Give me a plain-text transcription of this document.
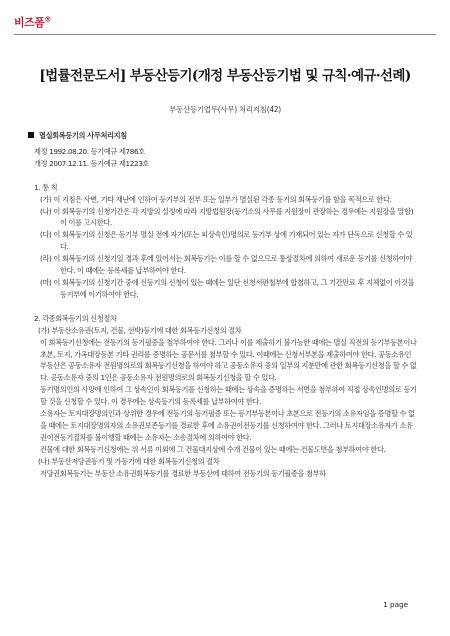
비즈폼®
[법률전문도서] 부동산등기(개정 부동산등기법 및 규칙·예규·선례)
부동산등기업무(사무) 처리지침(42)

멸실회복등기의 사무처리지침

제정 1992.08.20. 등기예규 제786호

개정 2007.12.11. 등기예규 제1223호

1. 통 칙

(가) 이 지침은 사변, 기타 재난에 인하여 등기부의 전부 또는 일부가 멸실된 각종 등기의 회복등기를 함을 목적으로 한다.

(나) 이 회복등기의 신청기간은 각 지방의 실정에 따라 지방법원장(등기소의 사무를 지원장이 관장하는 경우에는 지원장을 말함)이 이를 고시한다.

(다) 이 회복등기의 신청은 등기부 멸실 전에 자기(또는 피상속인)명의로 등기부 상에 기재되어 있는 자가 단독으로 신청할 수 있다.

(라) 이 회복등기의 신청기일 경과 후에 있어서는 회복등기는 이를 할 수 없으므로 통상절차에 의하여 새로운 등기를 신청하여야 한다. 이 때에는 등록세를 납부하여야 한다.

(마) 이 회복등기의 신청기간 중에 신등기의 신청이 있는 때에는 일단 신청서편철부에 합철하고, 그 기간만료 후 지체없이 이것을 등기부에 이기하여야 한다.

2. 각종회복등기의 신청절차

(가) 부동산소유권(토지, 건물, 선박)등기에 대한 회복등기신청의 절차

이 회복등기신청에는 전등기의 등기필증을 첨부하여야 한다. 그러나 이를 제출하기 불가능한 때에는 멸실 직전의 등기부등본이나 초본, 토지, 가옥대장등본 기타 권리를 증명하는 공문서를 첨부할 수 있다. 이때에는 신청서부본을 제출하여야 한다. 공동소유인 부동산은 공동소유자 전원명의로의 회복등기신청을 하여야 하고 공동소유자 중의 일부의 지분만에 관한 회복등기신청을 할 수 없다. 공동소유자 중의 1인은 공동소유자 전원명의로의 회복등기신청을 할 수 있다.

등기명의인의 사망에 인하여 그 상속인이 회복등기를 신청하는 때에는 상속을 증명하는 서면을 첨부하여 직접 상속인명의로 등기할 것을 신청할 수 있다. 이 경우에는 상속등기의 등록세를 납부하여야 한다.

소유자는 토지대장명의인과 상위한 경우에 전등기의 등기필증 또는 등기부등본이나 초본으로 전등기의 소유자임을 증명할 수 없을 때에는 토지대장명의자의 소유권보존등기를 경료한 후에 소유권이전등기를 신청하여야 한다. 그러나 토지대장소유자가 소유권이전등기절차를 불이행할 때에는 소유자는 소송절차에 의하여야 한다.

건물에 대한 회복등기신청에는 위 서류 이외에 그 건물대지상에 수개 건물이 있는 때에는 건물도면을 첨부하여야 한다.

(나) 부동산저당권등기 및 가등기에 대한 회복등기신청의 절차

저당권회복등기는 부동산 소유권회복등기를 경료한 부동산에 대하여 전등기의 등기필증을 첨부하

1 page
